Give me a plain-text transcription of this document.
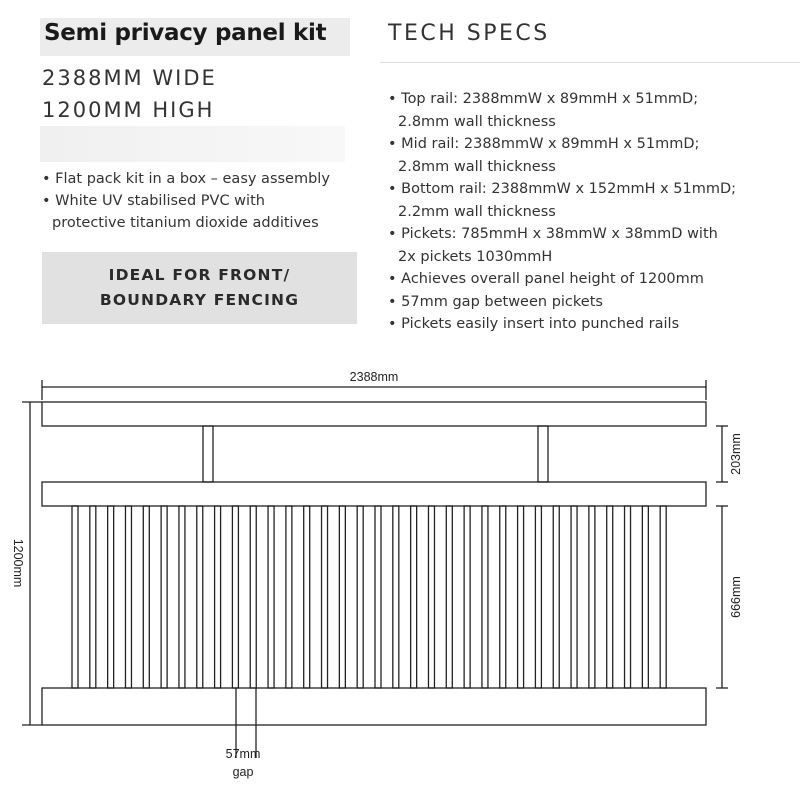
Semi privacy panel kit
2388MM WIDE
1200MM HIGH
• Flat pack kit in a box – easy assembly
• White UV stabilised PVC with
protective titanium dioxide additives
IDEAL FOR FRONT/
BOUNDARY FENCING
TECH SPECS
• Top rail: 2388mmW x 89mmH x 51mmD;
2.8mm wall thickness
• Mid rail: 2388mmW x 89mmH x 51mmD;
2.8mm wall thickness
• Bottom rail: 2388mmW x 152mmH x 51mmD;
2.2mm wall thickness
• Pickets: 785mmH x 38mmW x 38mmD with
2x pickets 1030mmH
• Achieves overall panel height of 1200mm
• 57mm gap between pickets
• Pickets easily insert into punched rails
2388mm
1200mm
203mm
666mm
57mm
gap
